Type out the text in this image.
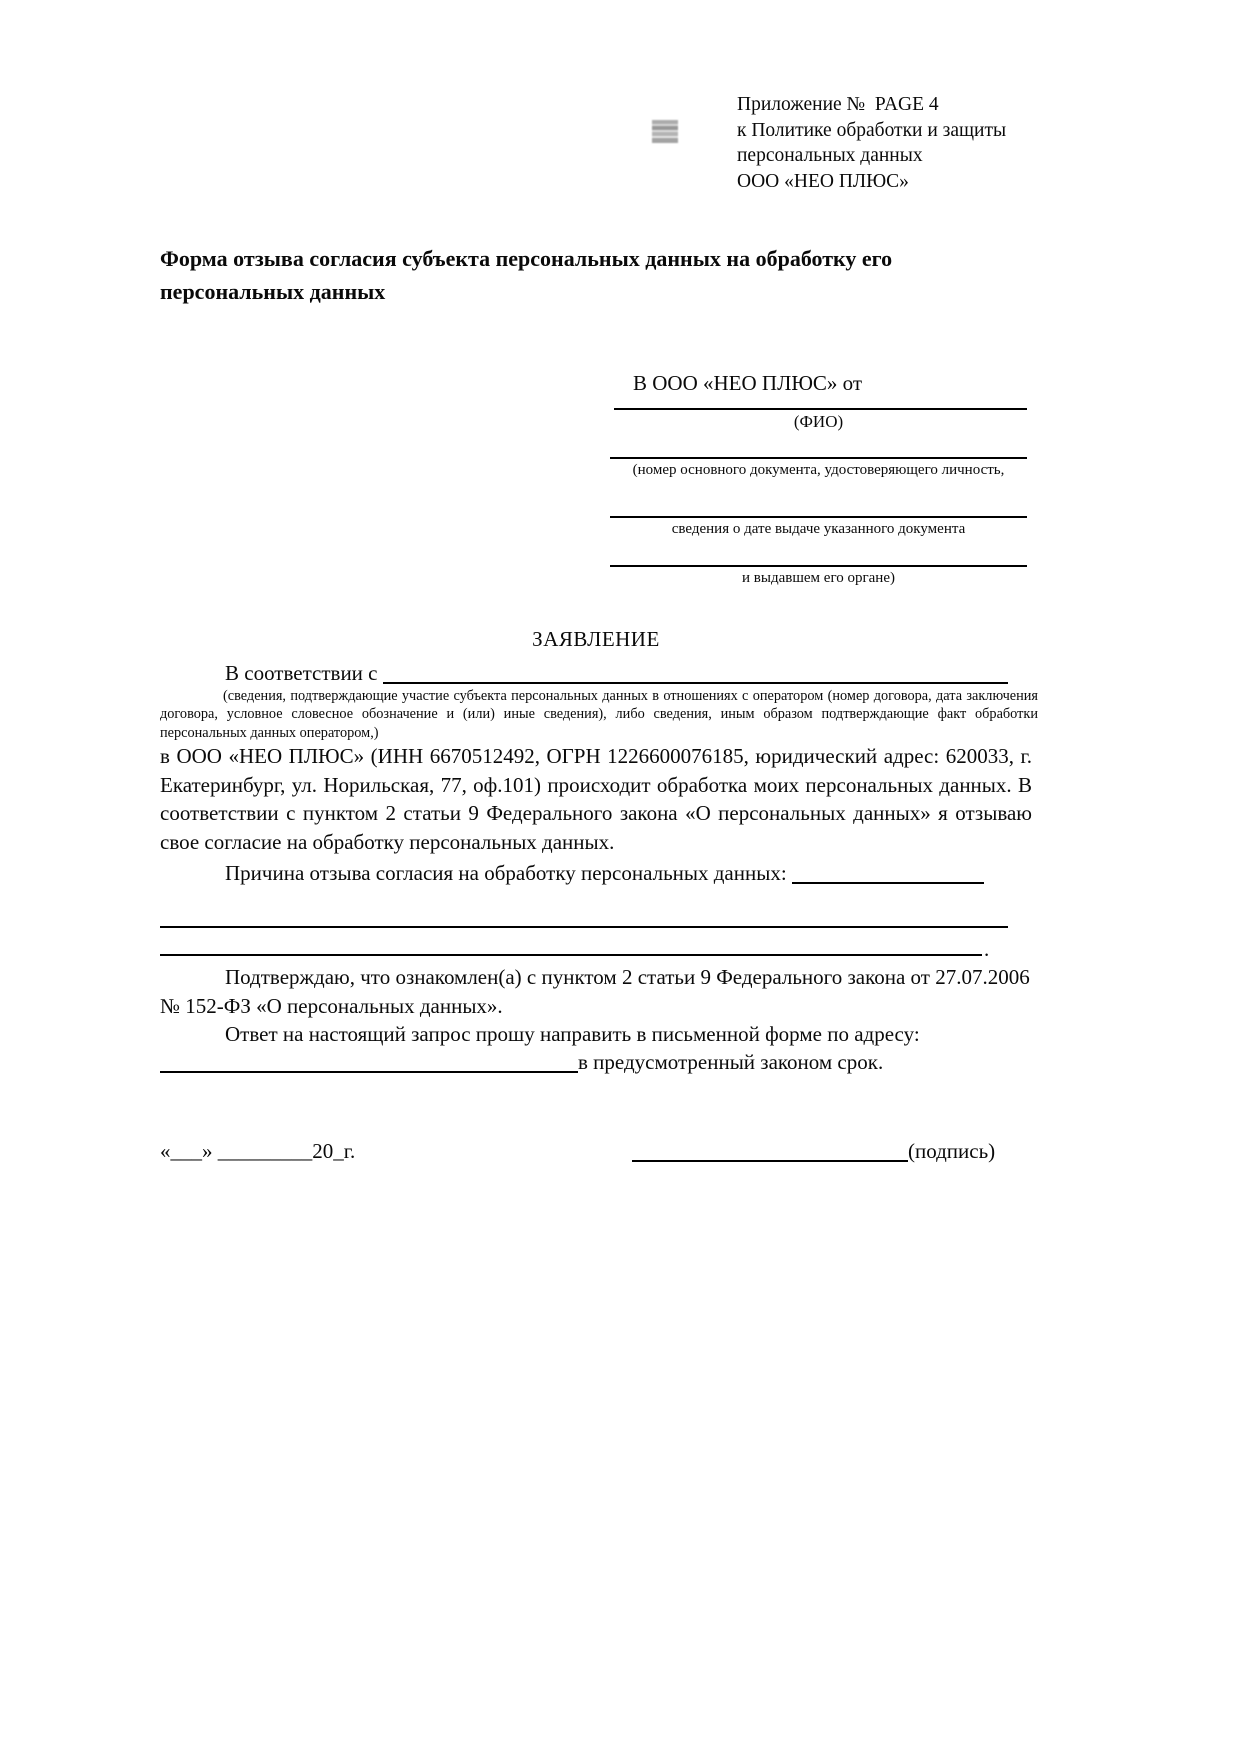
Приложение №  PAGE 4
к Политике обработки и защиты
персональных данных
ООО «НЕО ПЛЮС»
Форма отзыва согласия субъекта персональных данных на обработку его персональных данных
В ООО «НЕО ПЛЮС» от
(ФИО)
(номер основного документа, удостоверяющего личность,
сведения о дате выдаче указанного документа
и выдавшем его органе)
ЗАЯВЛЕНИЕ
В соответствии с
(сведения, подтверждающие участие субъекта персональных данных в отношениях с оператором (номер договора, дата заключения договора, условное словесное обозначение и (или) иные сведения), либо сведения, иным образом подтверждающие факт обработки персональных данных оператором,)
в ООО «НЕО ПЛЮС» (ИНН 6670512492, ОГРН 1226600076185, юридический адрес: 620033, г. Екатеринбург, ул. Норильская, 77, оф.101) происходит обработка моих персональных данных. В соответствии с пунктом 2 статьи 9 Федерального закона «О персональных данных» я отзываю свое согласие на обработку персональных данных.
Причина отзыва согласия на обработку персональных данных:
.
Подтверждаю, что ознакомлен(а) с пунктом 2 статьи 9 Федерального закона от 27.07.2006 № 152-ФЗ «О персональных данных».
Ответ на настоящий запрос прошу направить в письменной форме по адресу:
в предусмотренный законом срок.
«___» _________20_г.	(подпись)
